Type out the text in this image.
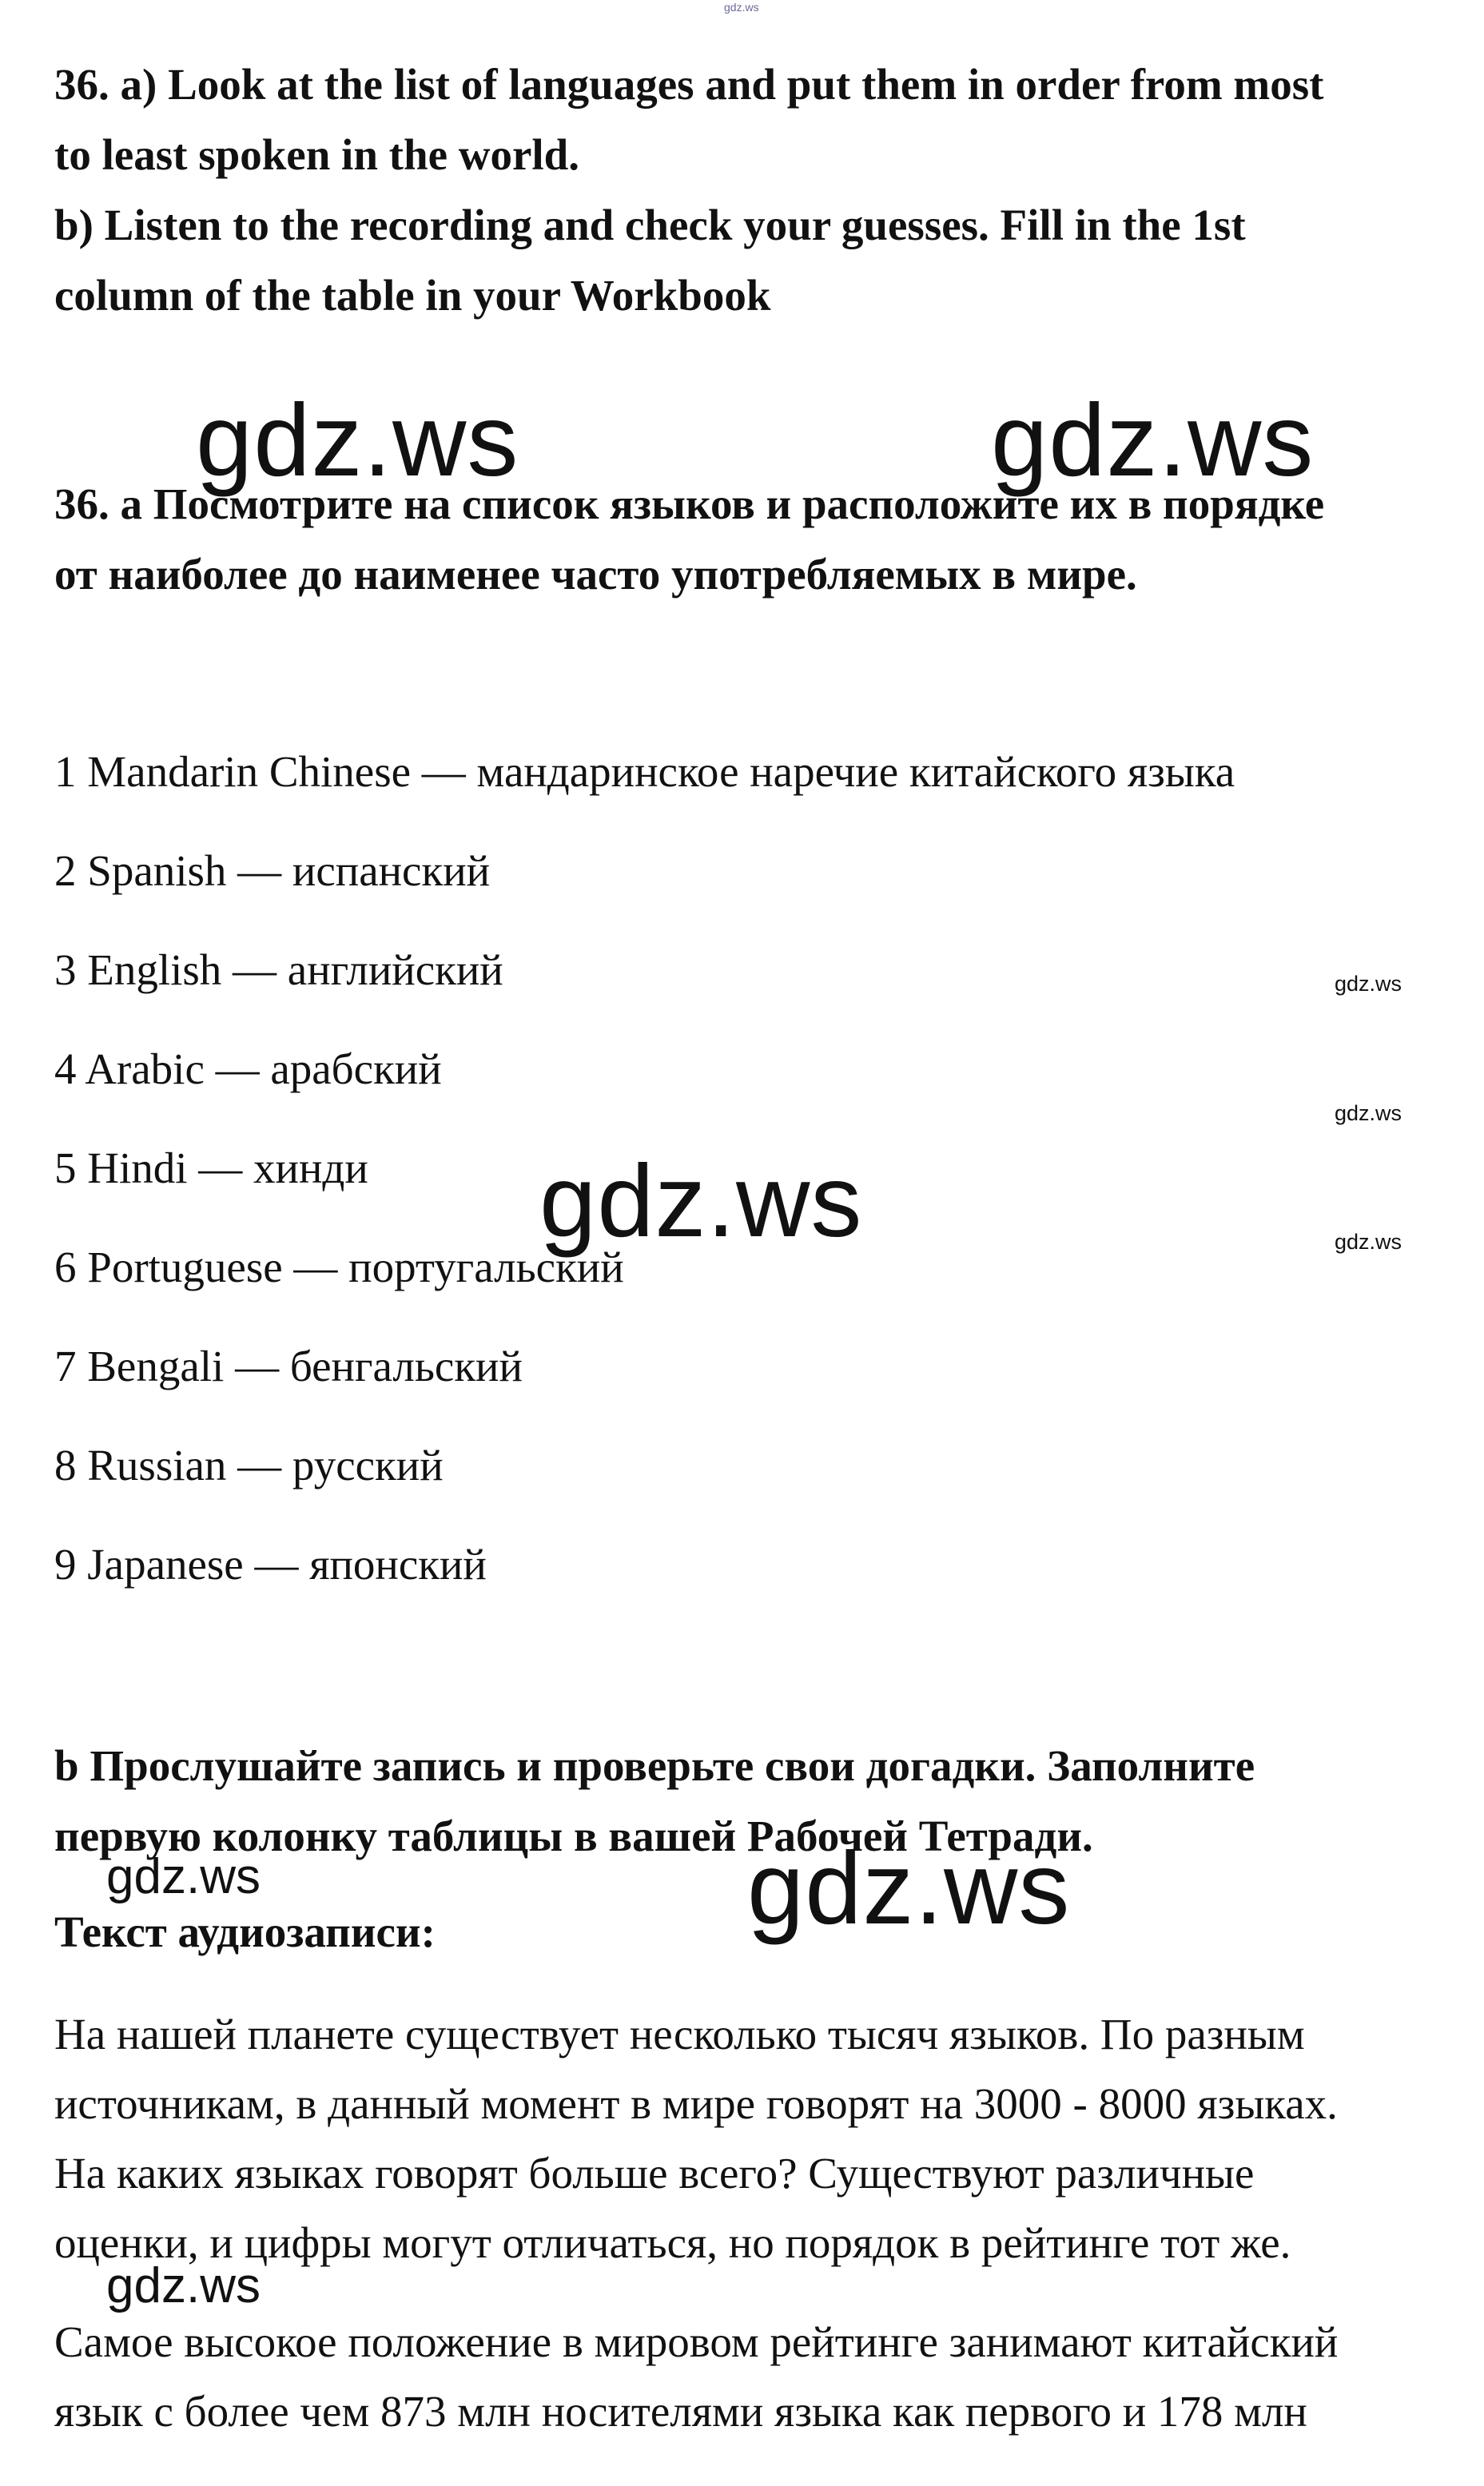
gdz.ws
36. a) Look at the list of languages and put them in order from most
to least spoken in the world.
b) Listen to the recording and check your guesses. Fill in the 1st
column of the table in your Workbook
gdz.ws	gdz.ws
36. а Посмотрите на список языков и расположите их в порядке
от наиболее до наименее часто употребляемых в мире.
1 Mandarin Chinese — мандаринское наречие китайского языка
2 Spanish — испанский
3 English — английский
4 Arabic — арабский
5 Hindi — хинди
6 Portuguese — португальский
7 Bengali — бенгальский
8 Russian — русский
9 Japanese — японский
gdz.ws
gdz.ws
gdz.ws
gdz.ws
b Прослушайте запись и проверьте свои догадки. Заполните
первую колонку таблицы в вашей Рабочей Тетради.
gdz.ws	gdz.ws
Текст аудиозаписи:
На нашей планете существует несколько тысяч языков. По разным
источникам, в данный момент в мире говорят на 3000 - 8000 языках.
На каких языках говорят больше всего? Существуют различные
оценки, и цифры могут отличаться, но порядок в рейтинге тот же.
gdz.ws
Самое высокое положение в мировом рейтинге занимают китайский
язык с более чем 873 млн носителями языка как первого и 178 млн
